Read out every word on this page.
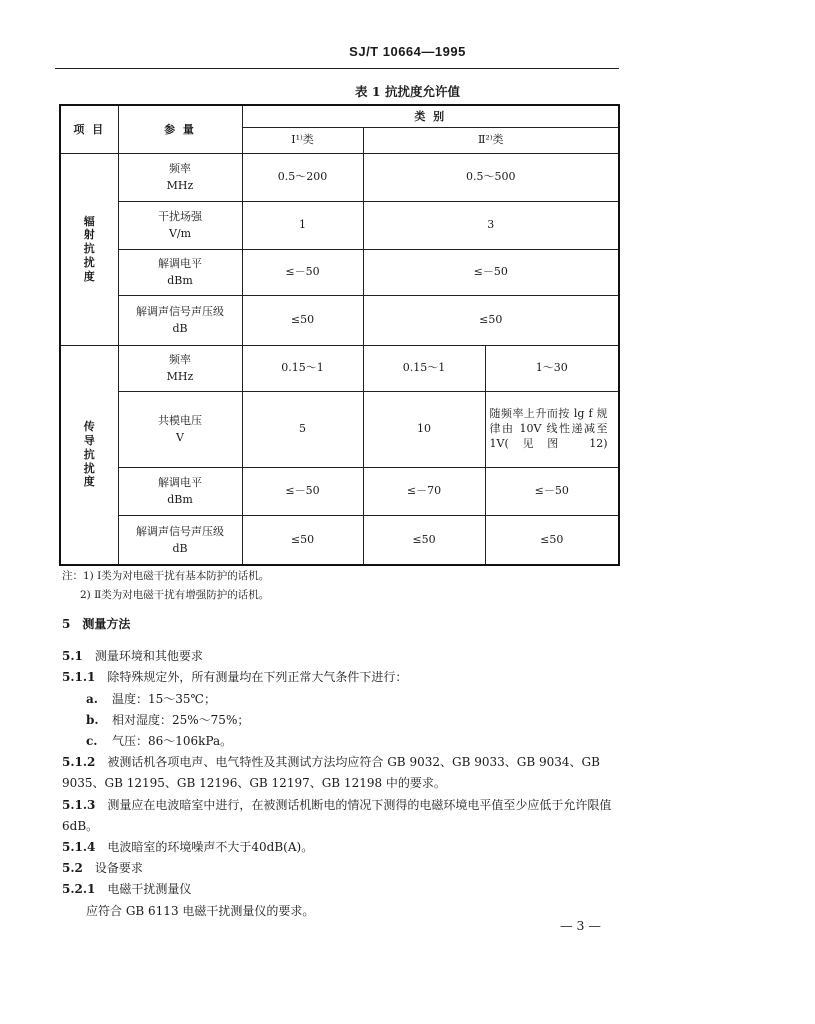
SJ/T 10664—1995
表 1 抗扰度允许值
项 目	参 量	类 别		
		Ⅰ¹⁾类	Ⅱ²⁾类	

辐射抗扰度	频率
MHz	0.5～200	0.5～500	
	干扰场强
V/m	1	3	
	解调电平
dBm	≤－50	≤－50	
	解调声信号声压级
dB	≤50	≤50	

传导抗扰度	频率
MHz	0.15～1	0.15～1	1～30
	共模电压
V	5	10	随频率上升而按 lg f 规律由 10V 线性递减至 1V(见图 12)
	解调电平
dBm	≤－50	≤－70	≤－50
	解调声信号声压级
dB	≤50	≤50	≤50
注：1) Ⅰ类为对电磁干扰有基本防护的话机。
2) Ⅱ类为对电磁干扰有增强防护的话机。

5 测量方法

5.1 测量环境和其他要求

5.1.1 除特殊规定外，所有测量均在下列正常大气条件下进行：

a. 温度：15～35℃；

b. 相对湿度：25%～75%；

c. 气压：86～106kPa。

5.1.2 被测话机各项电声、电气特性及其测试方法均应符合 GB 9032、GB 9033、GB 9034、GB 9035、GB 12195、GB 12196、GB 12197、GB 12198 中的要求。

5.1.3 测量应在电波暗室中进行，在被测话机断电的情况下测得的电磁环境电平值至少应低于允许限值 6dB。

5.1.4 电波暗室的环境噪声不大于40dB(A)。

5.2 设备要求

5.2.1 电磁干扰测量仪

应符合 GB 6113 电磁干扰测量仪的要求。

— 3 —
